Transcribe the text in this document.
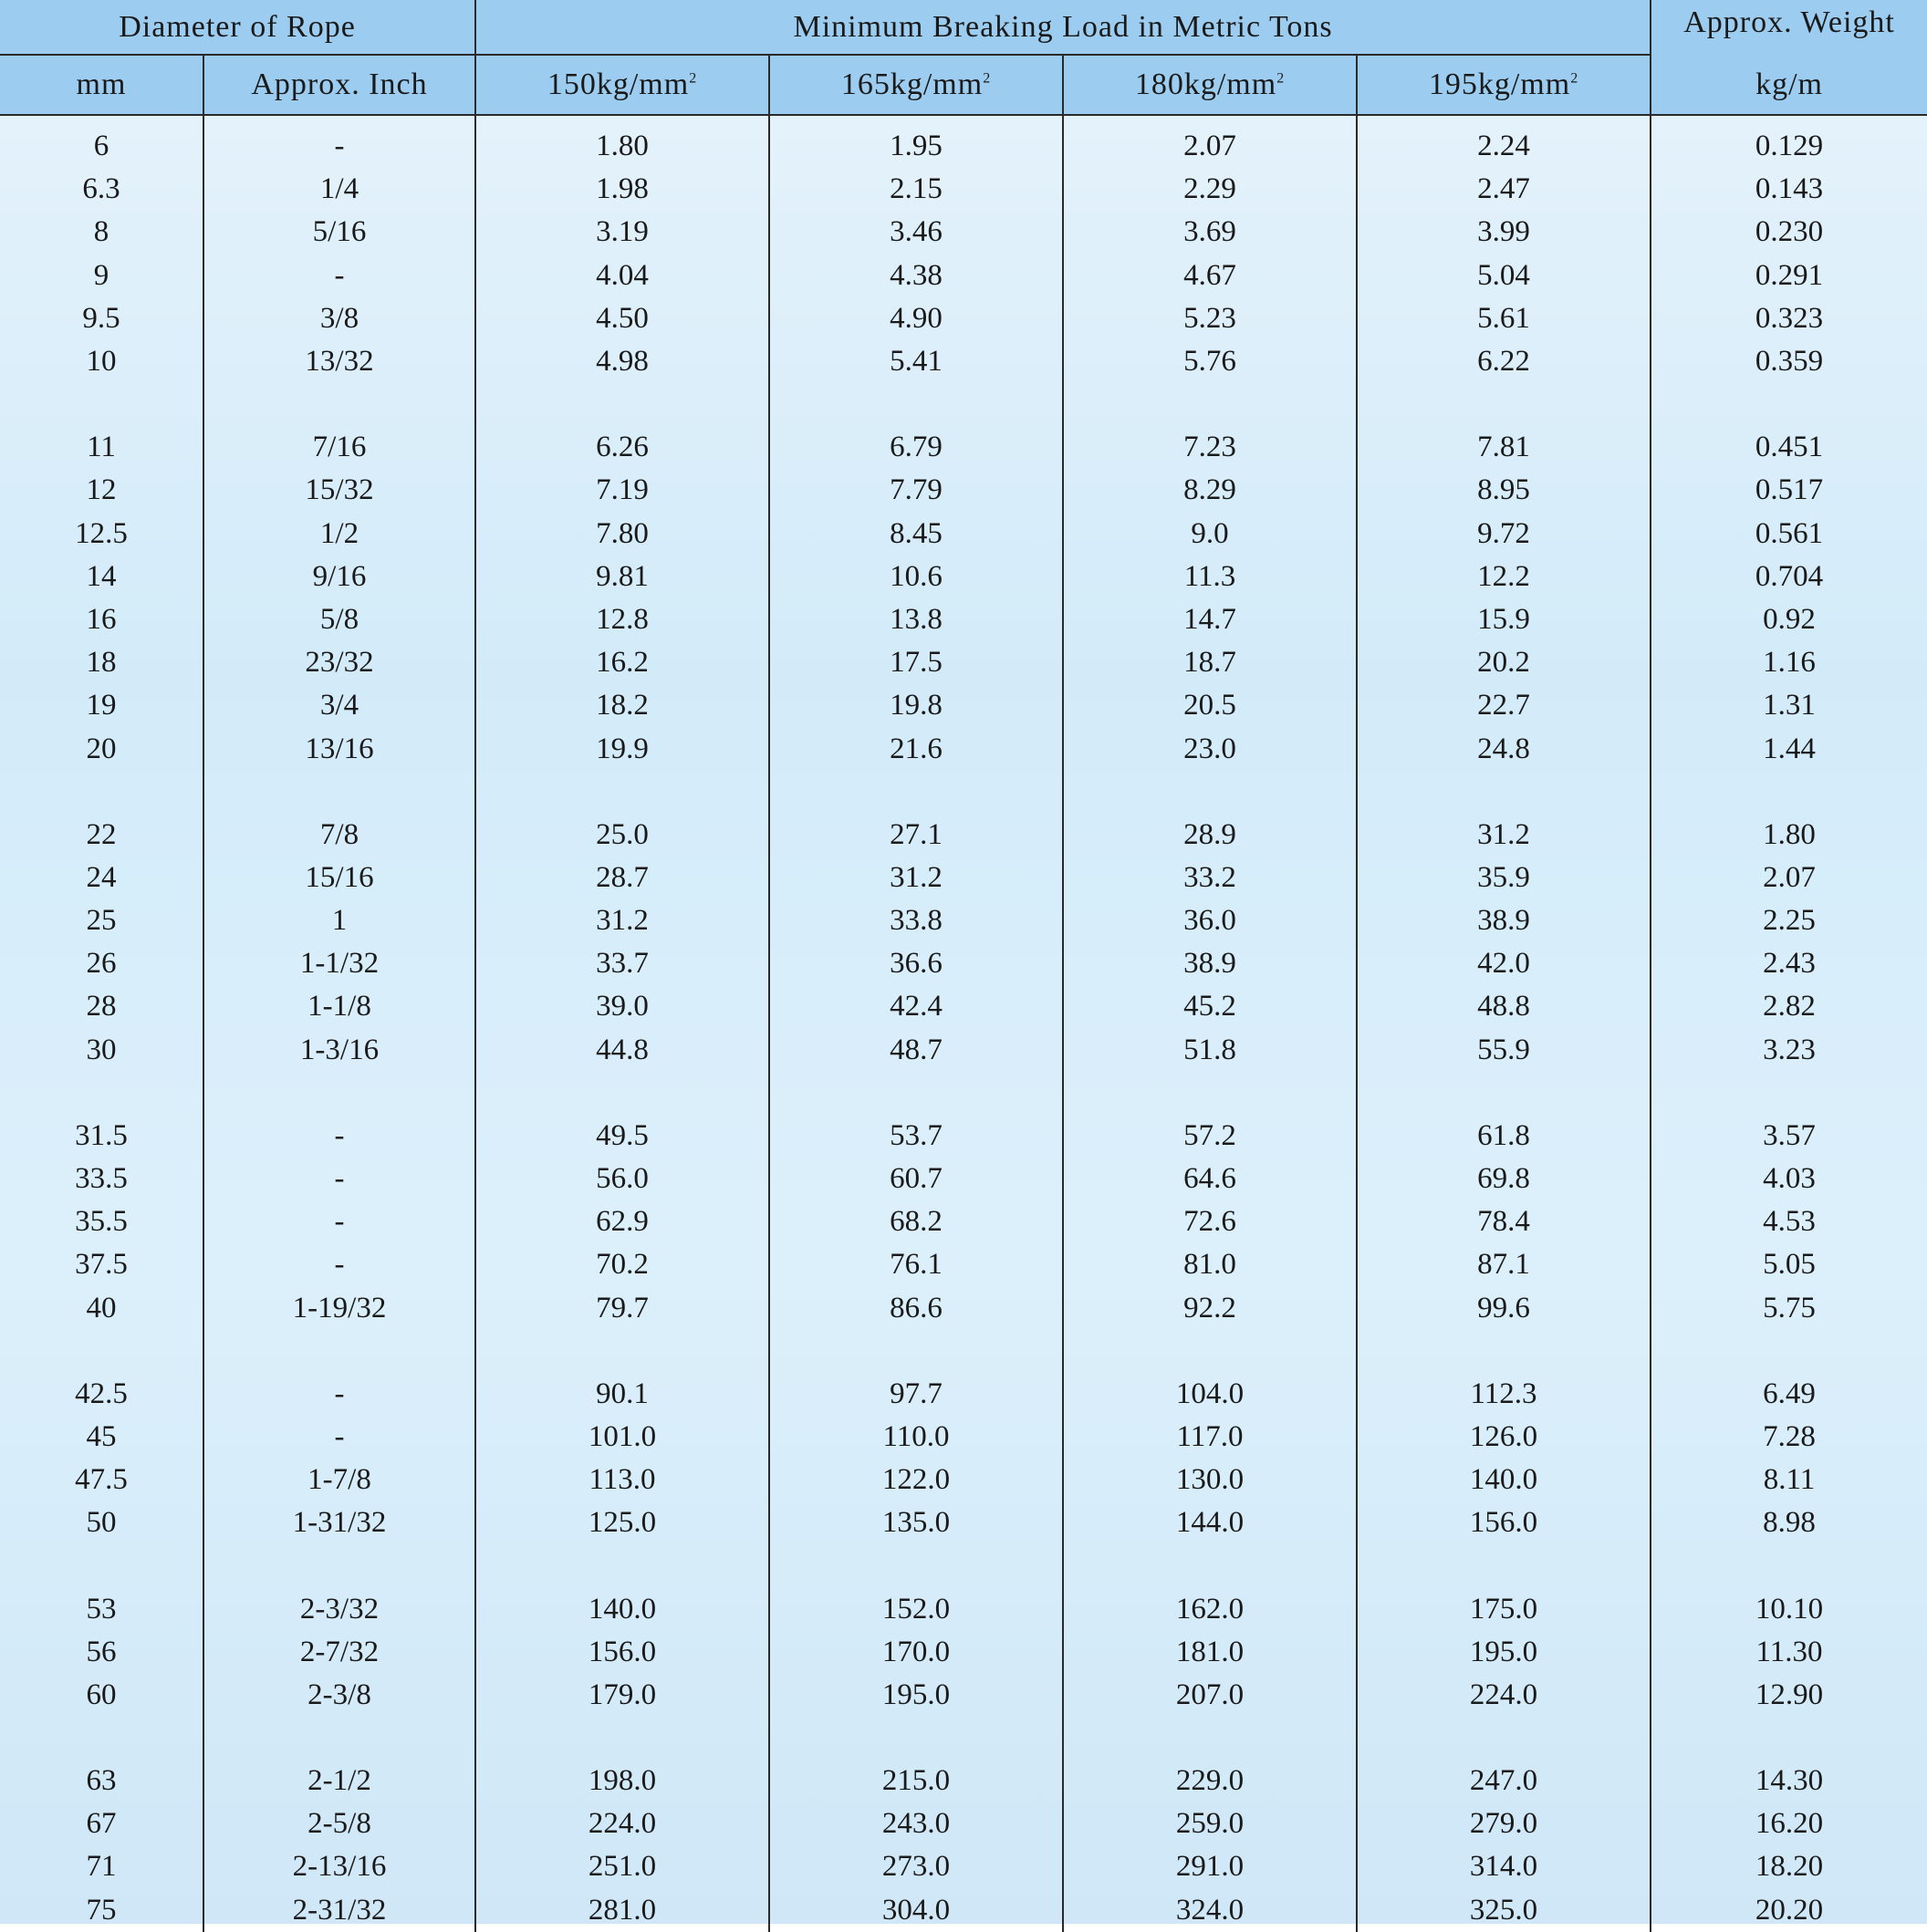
Diameter of Rope		Minimum Breaking Load in Metric Tons				Approx. Weight
mm	Approx. Inch	$150kg/mm^2$	$165kg/mm^2$	$180kg/mm^2$	$195kg/mm^2$	kg/m
6	-	1.80	1.95	2.07	2.24	0.129
6.3	1/4	1.98	2.15	2.29	2.47	0.143
8	5/16	3.19	3.46	3.69	3.99	0.230
9	-	4.04	4.38	4.67	5.04	0.291
9.5	3/8	4.50	4.90	5.23	5.61	0.323
10	13/32	4.98	5.41	5.76	6.22	0.359
11	7/16	6.26	6.79	7.23	7.81	0.451
12	15/32	7.19	7.79	8.29	8.95	0.517
12.5	1/2	7.80	8.45	9.0	9.72	0.561
14	9/16	9.81	10.6	11.3	12.2	0.704
16	5/8	12.8	13.8	14.7	15.9	0.92
18	23/32	16.2	17.5	18.7	20.2	1.16
19	3/4	18.2	19.8	20.5	22.7	1.31
20	13/16	19.9	21.6	23.0	24.8	1.44
22	7/8	25.0	27.1	28.9	31.2	1.80
24	15/16	28.7	31.2	33.2	35.9	2.07
25	1	31.2	33.8	36.0	38.9	2.25
26	1-1/32	33.7	36.6	38.9	42.0	2.43
28	1-1/8	39.0	42.4	45.2	48.8	2.82
30	1-3/16	44.8	48.7	51.8	55.9	3.23
31.5	-	49.5	53.7	57.2	61.8	3.57
33.5	-	56.0	60.7	64.6	69.8	4.03
35.5	-	62.9	68.2	72.6	78.4	4.53
37.5	-	70.2	76.1	81.0	87.1	5.05
40	1-19/32	79.7	86.6	92.2	99.6	5.75
42.5	-	90.1	97.7	104.0	112.3	6.49
45	-	101.0	110.0	117.0	126.0	7.28
47.5	1-7/8	113.0	122.0	130.0	140.0	8.11
50	1-31/32	125.0	135.0	144.0	156.0	8.98
53	2-3/32	140.0	152.0	162.0	175.0	10.10
56	2-7/32	156.0	170.0	181.0	195.0	11.30
60	2-3/8	179.0	195.0	207.0	224.0	12.90
63	2-1/2	198.0	215.0	229.0	247.0	14.30
67	2-5/8	224.0	243.0	259.0	279.0	16.20
71	2-13/16	251.0	273.0	291.0	314.0	18.20
75	2-31/32	281.0	304.0	324.0	325.0	20.20
